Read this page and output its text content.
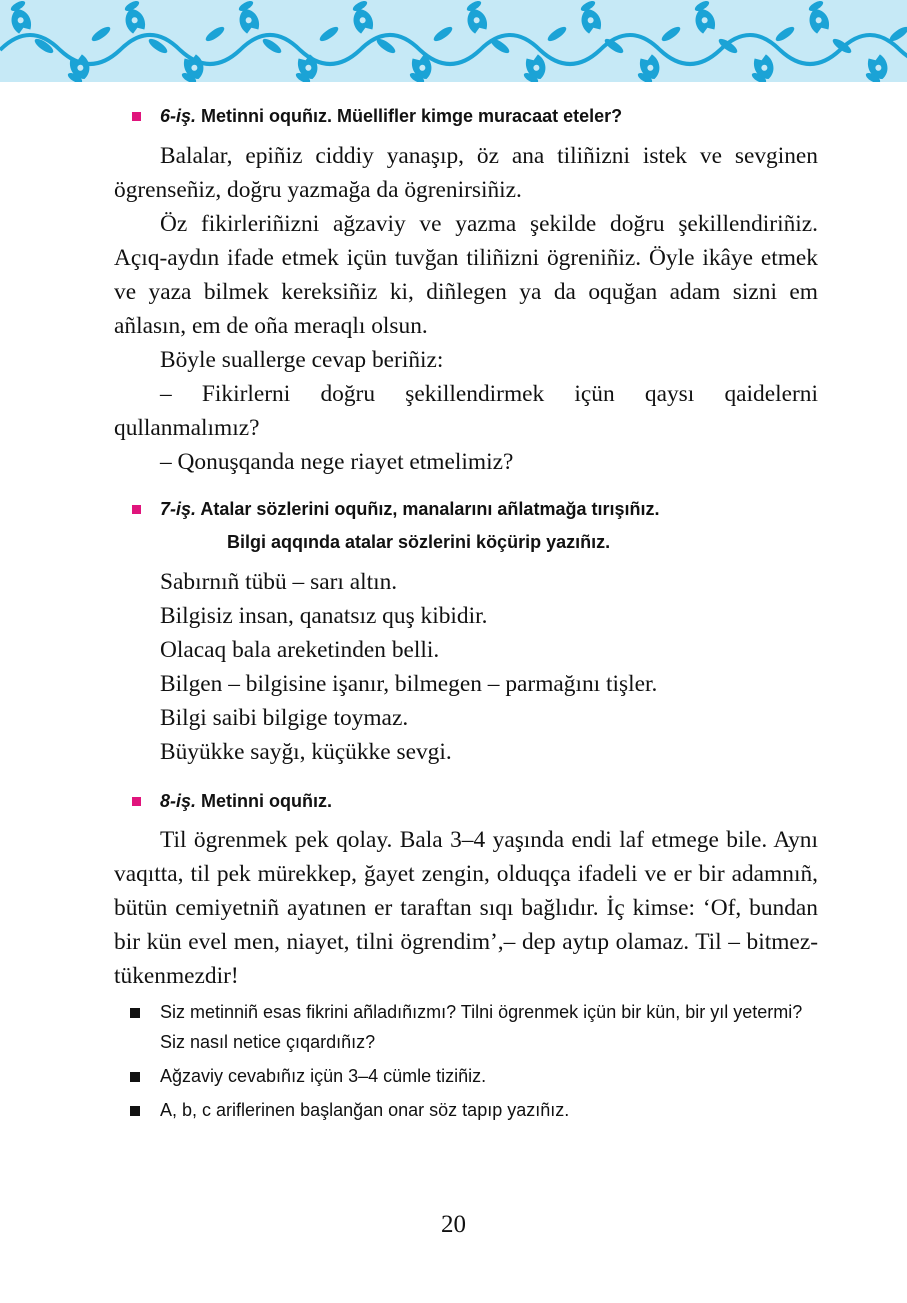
6-iş. Metinni oquñız. Müellifler kimge muracaat eteler?

Balalar, epiñiz ciddiy yanaşıp, öz ana tiliñizni istek ve sevginen ögrenseñiz, doğru yazmağa da ögrenirsiñiz.

Öz fikirleriñizni ağzaviy ve yazma şekilde doğru şekillendiriñiz. Açıq-aydın ifade etmek içün tuvğan tiliñizni ögreniñiz. Öyle ikâye etmek ve yaza bilmek kereksiñiz ki, diñlegen ya da oquğan adam sizni em añlasın, em de oña meraqlı olsun.

Böyle suallerge cevap beriñiz:

– Fikirlerni doğru şekillendirmek içün qaysı qaidelerni qullanmalımız?

– Qonuşqanda nege riayet etmelimiz?

7-iş. Atalar sözlerini oquñız, manalarını añlatmağa tırışıñız.
Bilgi aqqında atalar sözlerini köçürip yazıñız.
Sabırnıñ tübü – sarı altın.
Bilgisiz insan, qanatsız quş kibidir.
Olacaq bala areketinden belli.
Bilgen – bilgisine işanır, bilmegen – parmağını tişler.
Bilgi saibi bilgige toymaz.
Büyükke sayğı, küçükke sevgi.
8-iş. Metinni oquñız.

Til ögrenmek pek qolay. Bala 3–4 yaşında endi laf etmege bile. Aynı vaqıtta, til pek mürekkep, ğayet zengin, olduqça ifadeli ve er bir adamnıñ, bütün cemiyetniñ ayatınen er taraftan sıqı bağlıdır. İç kimse: ‘Of, bundan bir kün evel men, niayet, tilni ögrendim’,– dep aytıp olamaz. Til – bitmez-tükenmezdir!

Siz metinniñ esas fikrini añladıñızmı? Tilni ögrenmek içün bir kün, bir yıl yetermi? Siz nasıl netice çıqardıñız?
Ağzaviy cevabıñız içün 3–4 cümle tiziñiz.
A, b, c ariflerinen başlanğan onar söz tapıp yazıñız.
20
